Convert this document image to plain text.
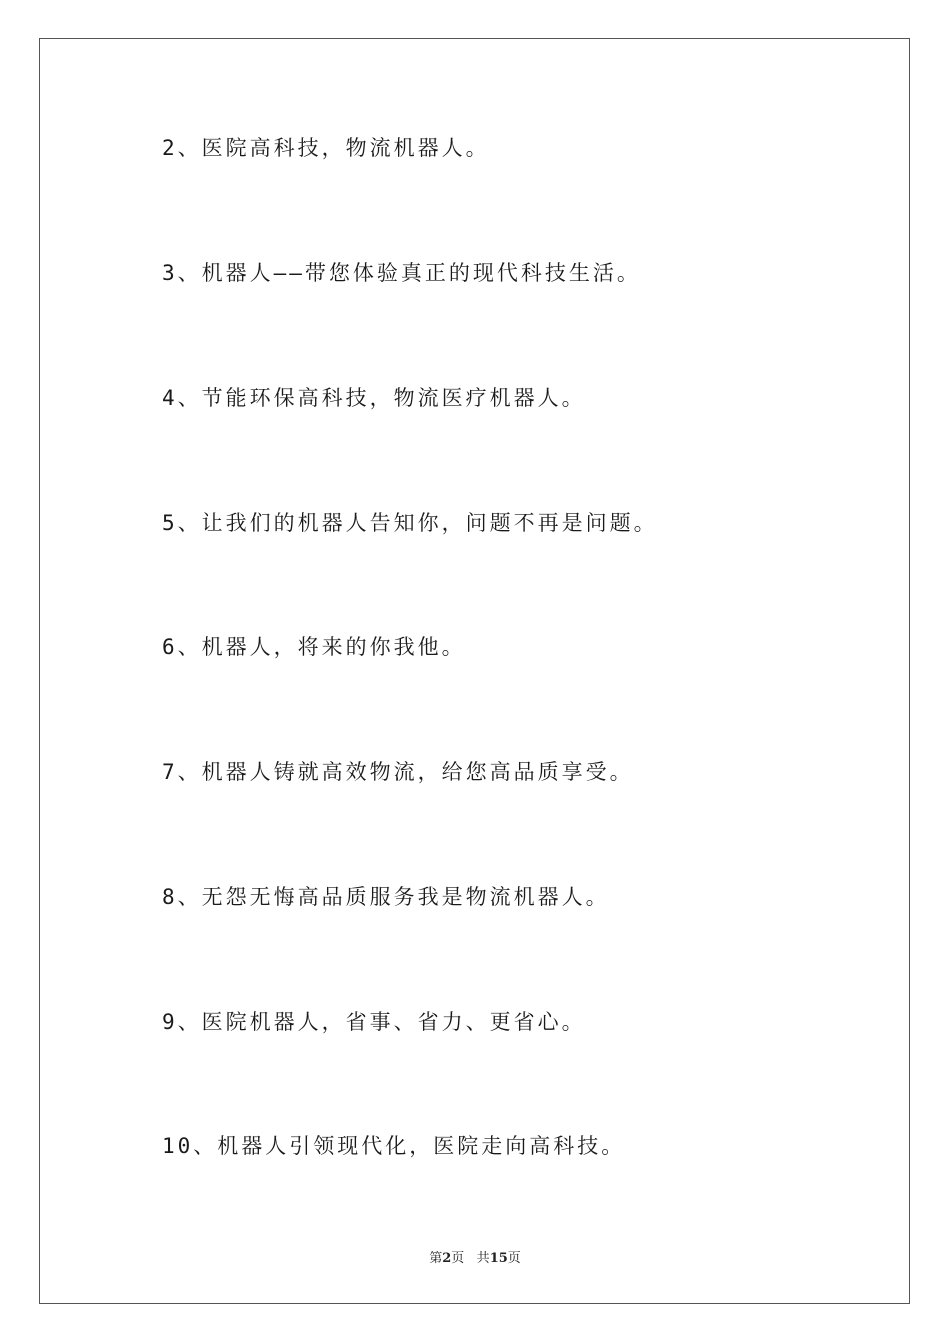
2、医院高科技，物流机器人。
3、机器人——带您体验真正的现代科技生活。
4、节能环保高科技，物流医疗机器人。
5、让我们的机器人告知你，问题不再是问题。
6、机器人，将来的你我他。
7、机器人铸就高效物流，给您高品质享受。
8、无怨无悔高品质服务我是物流机器人。
9、医院机器人，省事、省力、更省心。
10、机器人引领现代化，医院走向高科技。
第2页 共15页
